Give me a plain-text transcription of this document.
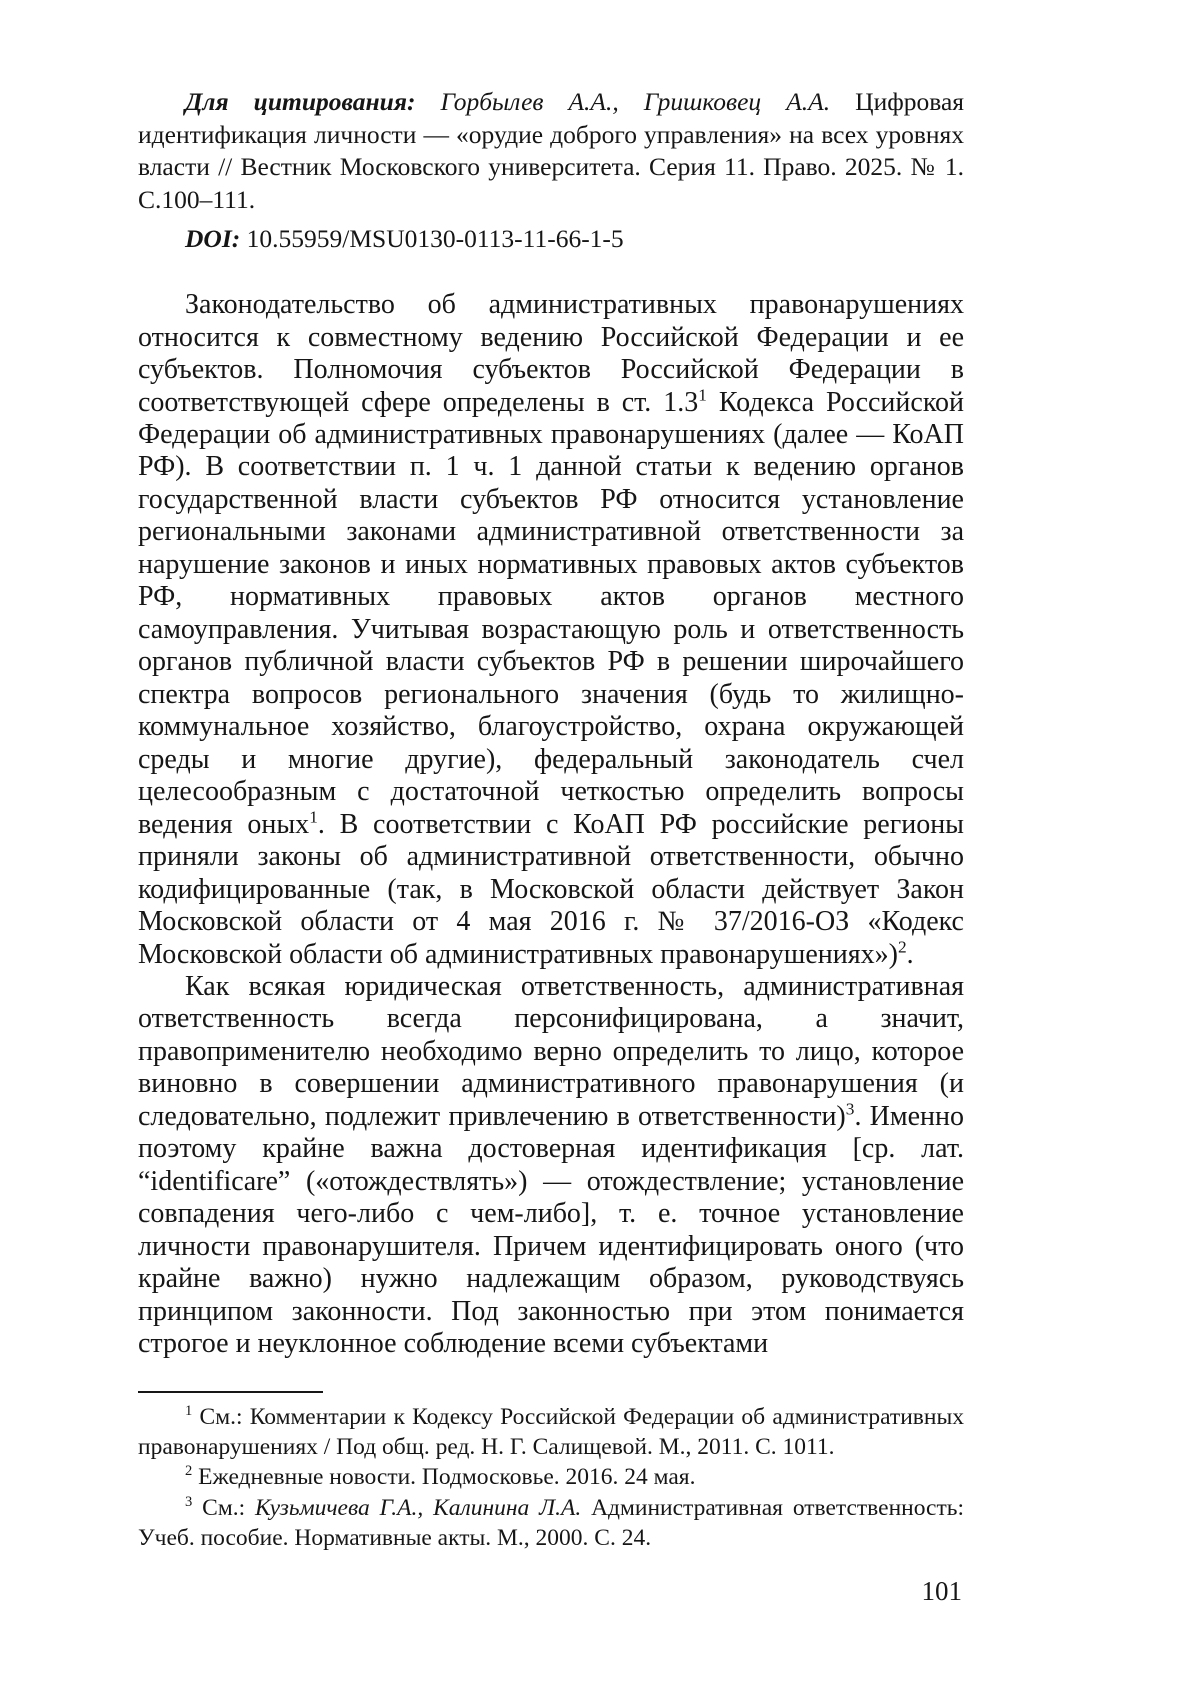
Для цитирования: Горбылев А.А., Гришковец А.А. Цифровая идентификация личности — «орудие доброго управления» на всех уровнях власти // Вестник Московского университета. Серия 11. Право. 2025. № 1. С.100–111.

DOI: 10.55959/MSU0130-0113-11-66-1-5

Законодательство об административных правонарушениях относится к совместному ведению Российской Федерации и ее субъектов. Полномочия субъектов Российской Федерации в соответствующей сфере определены в ст. $1.3^1$ Кодекса Российской Федерации об административных правонарушениях (далее — КоАП РФ). В соответствии п. 1 ч. 1 данной статьи к ведению органов государственной власти субъектов РФ относится установление региональными законами административной ответственности за нарушение законов и иных нормативных правовых актов субъектов РФ, нормативных правовых актов органов местного самоуправления. Учитывая возрастающую роль и ответственность органов публичной власти субъектов РФ в решении широчайшего спектра вопросов регионального значения (будь то жилищно-коммунальное хозяйство, благоустройство, охрана окружающей среды и многие другие), федеральный законодатель счел целесообразным с достаточной четкостью определить вопросы ведения оных$^1$. В соответствии с КоАП РФ российские регионы приняли законы об административной ответственности, обычно кодифицированные (так, в Московской области действует Закон Московской области от 4 мая 2016 г. № 37/2016-ОЗ «Кодекс Московской области об административных правонарушениях»)$^2$.

Как всякая юридическая ответственность, административная ответственность всегда персонифицирована, а значит, правоприменителю необходимо верно определить то лицо, которое виновно в совершении административного правонарушения (и следовательно, подлежит привлечению в ответственности)$^3$. Именно поэтому крайне важна достоверная идентификация [ср. лат. “identificare” («отождествлять») — отождествление; установление совпадения чего-либо с чем-либо], т. е. точное установление личности правонарушителя. Причем идентифицировать оного (что крайне важно) нужно надлежащим образом, руководствуясь принципом законности. Под законностью при этом понимается строгое и неуклонное соблюдение всеми субъектами

$^1$ См.: Комментарии к Кодексу Российской Федерации об административных правонарушениях / Под общ. ред. Н. Г. Салищевой. М., 2011. С. 1011.

$^2$ Ежедневные новости. Подмосковье. 2016. 24 мая.

$^3$ См.: Кузьмичева Г.А., Калинина Л.А. Административная ответственность: Учеб. пособие. Нормативные акты. М., 2000. С. 24.

101
